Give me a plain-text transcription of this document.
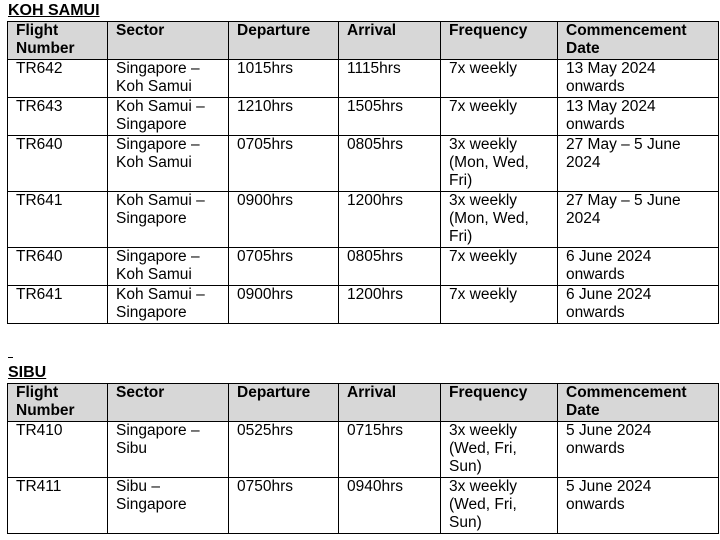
KOH SAMUI
Flight Number	Sector	Departure	Arrival	Frequency	Commencement Date
TR642	Singapore – Koh Samui	1015hrs	1115hrs	7x weekly	13 May 2024 onwards
TR643	Koh Samui – Singapore	1210hrs	1505hrs	7x weekly	13 May 2024 onwards
TR640	Singapore – Koh Samui	0705hrs	0805hrs	3x weekly (Mon, Wed, Fri)	27 May – 5 June 2024
TR641	Koh Samui – Singapore	0900hrs	1200hrs	3x weekly (Mon, Wed, Fri)	27 May – 5 June 2024
TR640	Singapore – Koh Samui	0705hrs	0805hrs	7x weekly	6 June 2024 onwards
TR641	Koh Samui – Singapore	0900hrs	1200hrs	7x weekly	6 June 2024 onwards
SIBU
Flight Number	Sector	Departure	Arrival	Frequency	Commencement Date
TR410	Singapore – Sibu	0525hrs	0715hrs	3x weekly (Wed, Fri, Sun)	5 June 2024 onwards
TR411	Sibu – Singapore	0750hrs	0940hrs	3x weekly (Wed, Fri, Sun)	5 June 2024 onwards
